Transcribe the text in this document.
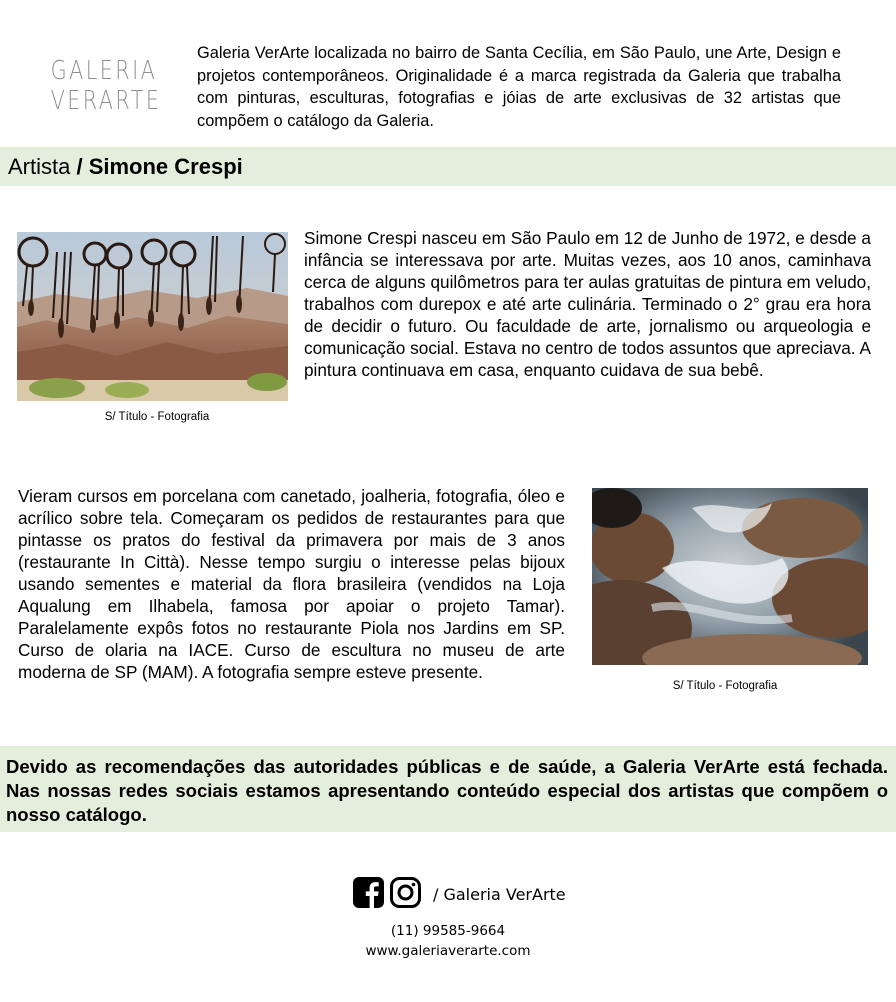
GALERIA
VERARTE

Galeria VerArte localizada no bairro de Santa Cecília, em São Paulo, une Arte, Design e projetos contemporâneos. Originalidade é a marca registrada da Galeria que trabalha com pinturas, esculturas, fotografias e jóias de arte exclusivas de 32 artistas que compõem o catálogo da Galeria.

Artista / Simone Crespi
S/ Título - Fotografia

Simone Crespi nasceu em São Paulo em 12 de Junho de 1972, e desde a infância se interessava por arte. Muitas vezes, aos 10 anos, caminhava cerca de alguns quilômetros para ter aulas gratuitas de pintura em veludo, trabalhos com durepox e até arte culinária. Terminado o 2° grau era hora de decidir o futuro. Ou faculdade de arte, jornalismo ou arqueologia e comunicação social. Estava no centro de todos assuntos que apreciava. A pintura continuava em casa, enquanto cuidava de sua bebê.

Vieram cursos em porcelana com canetado, joalheria, fotografia, óleo e acrílico sobre tela. Começaram os pedidos de restaurantes para que pintasse os pratos do festival da primavera por mais de 3 anos (restaurante In Città). Nesse tempo surgiu o interesse pelas bijoux usando sementes e material da flora brasileira (vendidos na Loja Aqualung em Ilhabela, famosa por apoiar o projeto Tamar). Paralelamente expôs fotos no restaurante Piola nos Jardins em SP. Curso de olaria na IACE. Curso de escultura no museu de arte moderna de SP (MAM). A fotografia sempre esteve presente.

S/ Título - Fotografia

Devido as recomendações das autoridades públicas e de saúde, a Galeria VerArte está fechada. Nas nossas redes sociais estamos apresentando conteúdo especial dos artistas que compõem o nosso catálogo.

/ Galeria VerArte
(11) 99585-9664
www.galeriaverarte.com
